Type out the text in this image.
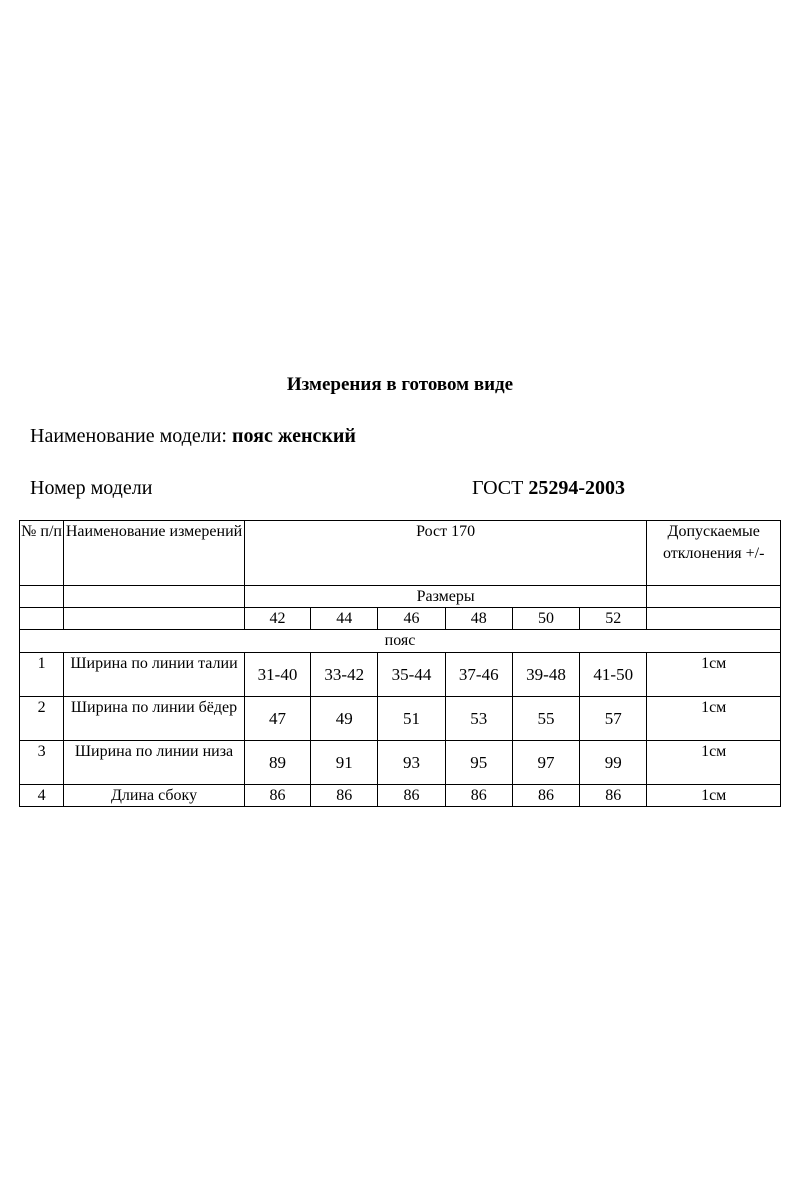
Измерения в готовом виде
Наименование модели: пояс женский
Номер модели	ГОСТ 25294-2003
№ п/п	Наименование измерений	Рост 170						Допускаемые отклонения +/-
		Размеры						
		42	44	46	48	50	52	
пояс								
1	Ширина по линии талии	31-40	33-42	35-44	37-46	39-48	41-50	1см
2	Ширина по линии бёдер	47	49	51	53	55	57	1см
3	Ширина по линии низа	89	91	93	95	97	99	1см
4	Длина сбоку	86	86	86	86	86	86	1см
